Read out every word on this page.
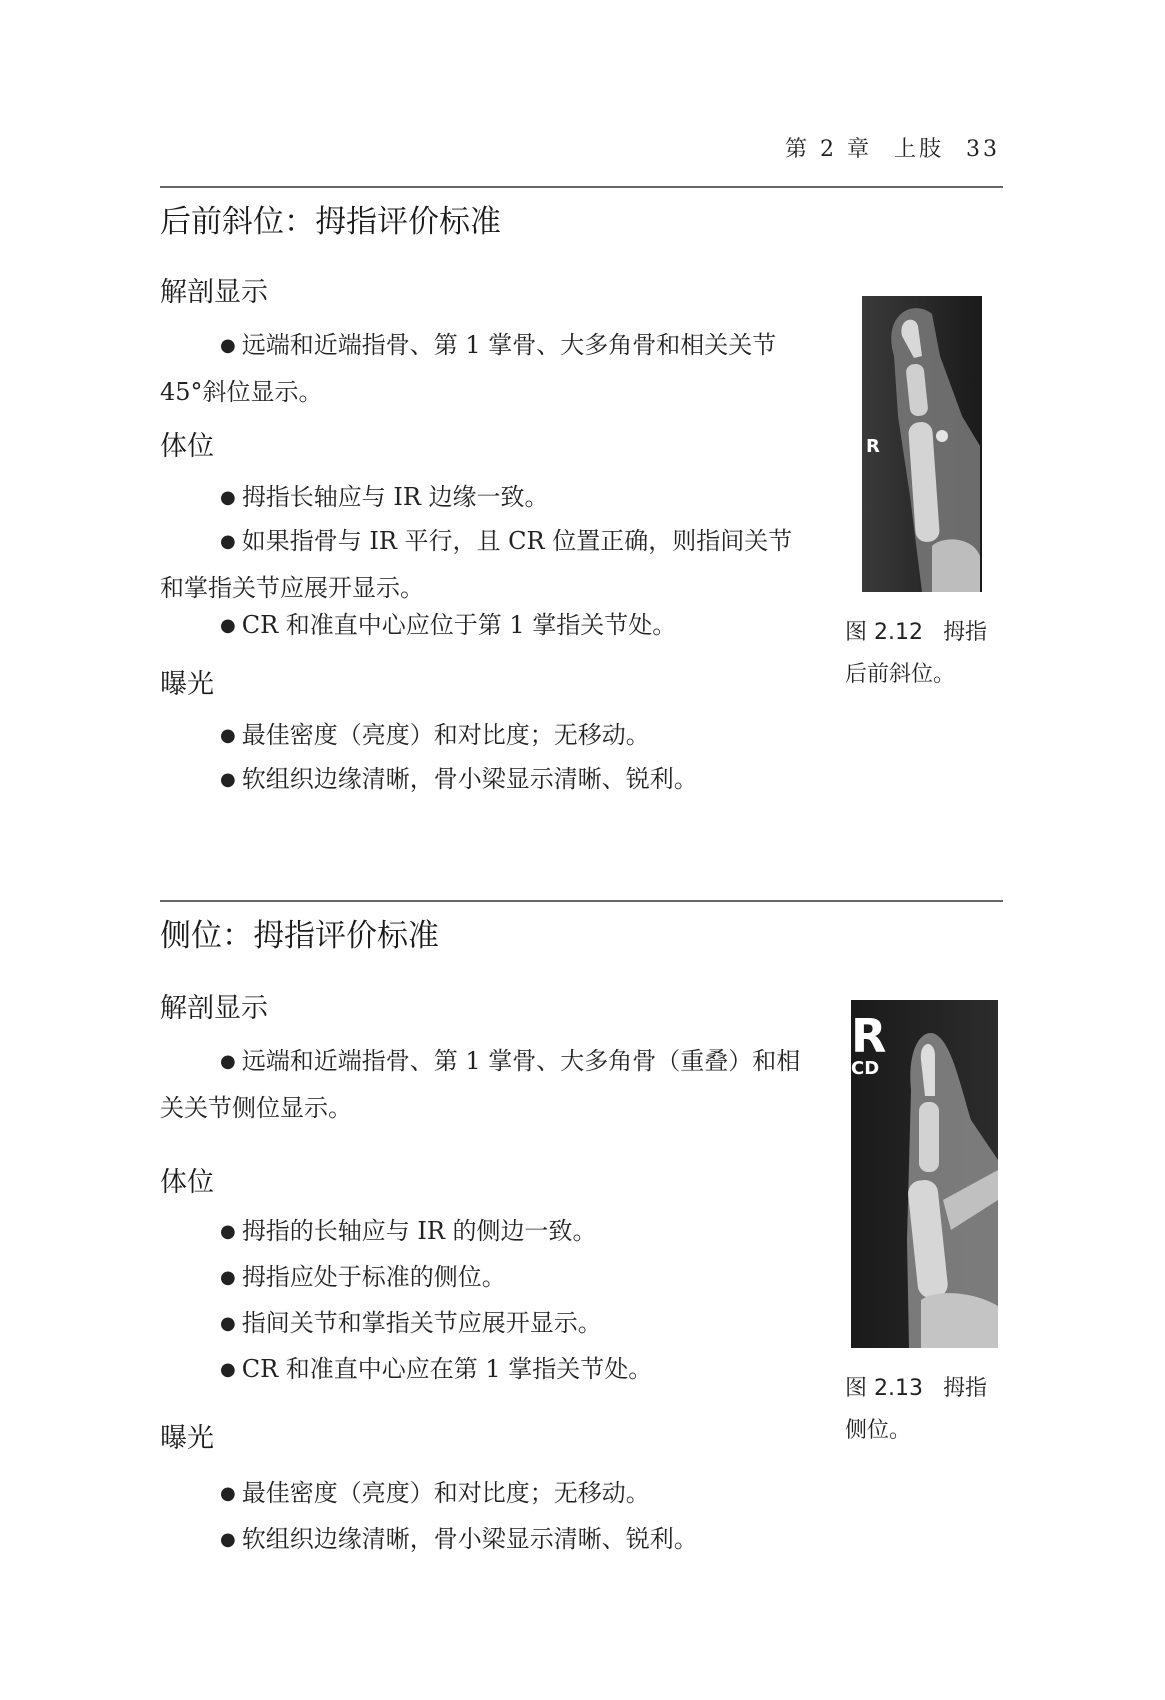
第 2 章 上肢 33
后前斜位：拇指评价标准
解剖显示

● 远端和近端指骨、第 1 掌骨、大多角骨和相关关节 45°斜位显示。

体位

● 拇指长轴应与 IR 边缘一致。

● 如果指骨与 IR 平行，且 CR 位置正确，则指间关节和掌指关节应展开显示。

● CR 和准直中心应位于第 1 掌指关节处。

曝光

● 最佳密度（亮度）和对比度；无移动。

● 软组织边缘清晰，骨小梁显示清晰、锐利。

R
图 2.12 拇指后前斜位。
侧位：拇指评价标准
解剖显示

● 远端和近端指骨、第 1 掌骨、大多角骨（重叠）和相关关节侧位显示。

体位

● 拇指的长轴应与 IR 的侧边一致。

● 拇指应处于标准的侧位。

● 指间关节和掌指关节应展开显示。

● CR 和准直中心应在第 1 掌指关节处。

曝光

● 最佳密度（亮度）和对比度；无移动。

● 软组织边缘清晰，骨小梁显示清晰、锐利。

R
CD
图 2.13 拇指侧位。
